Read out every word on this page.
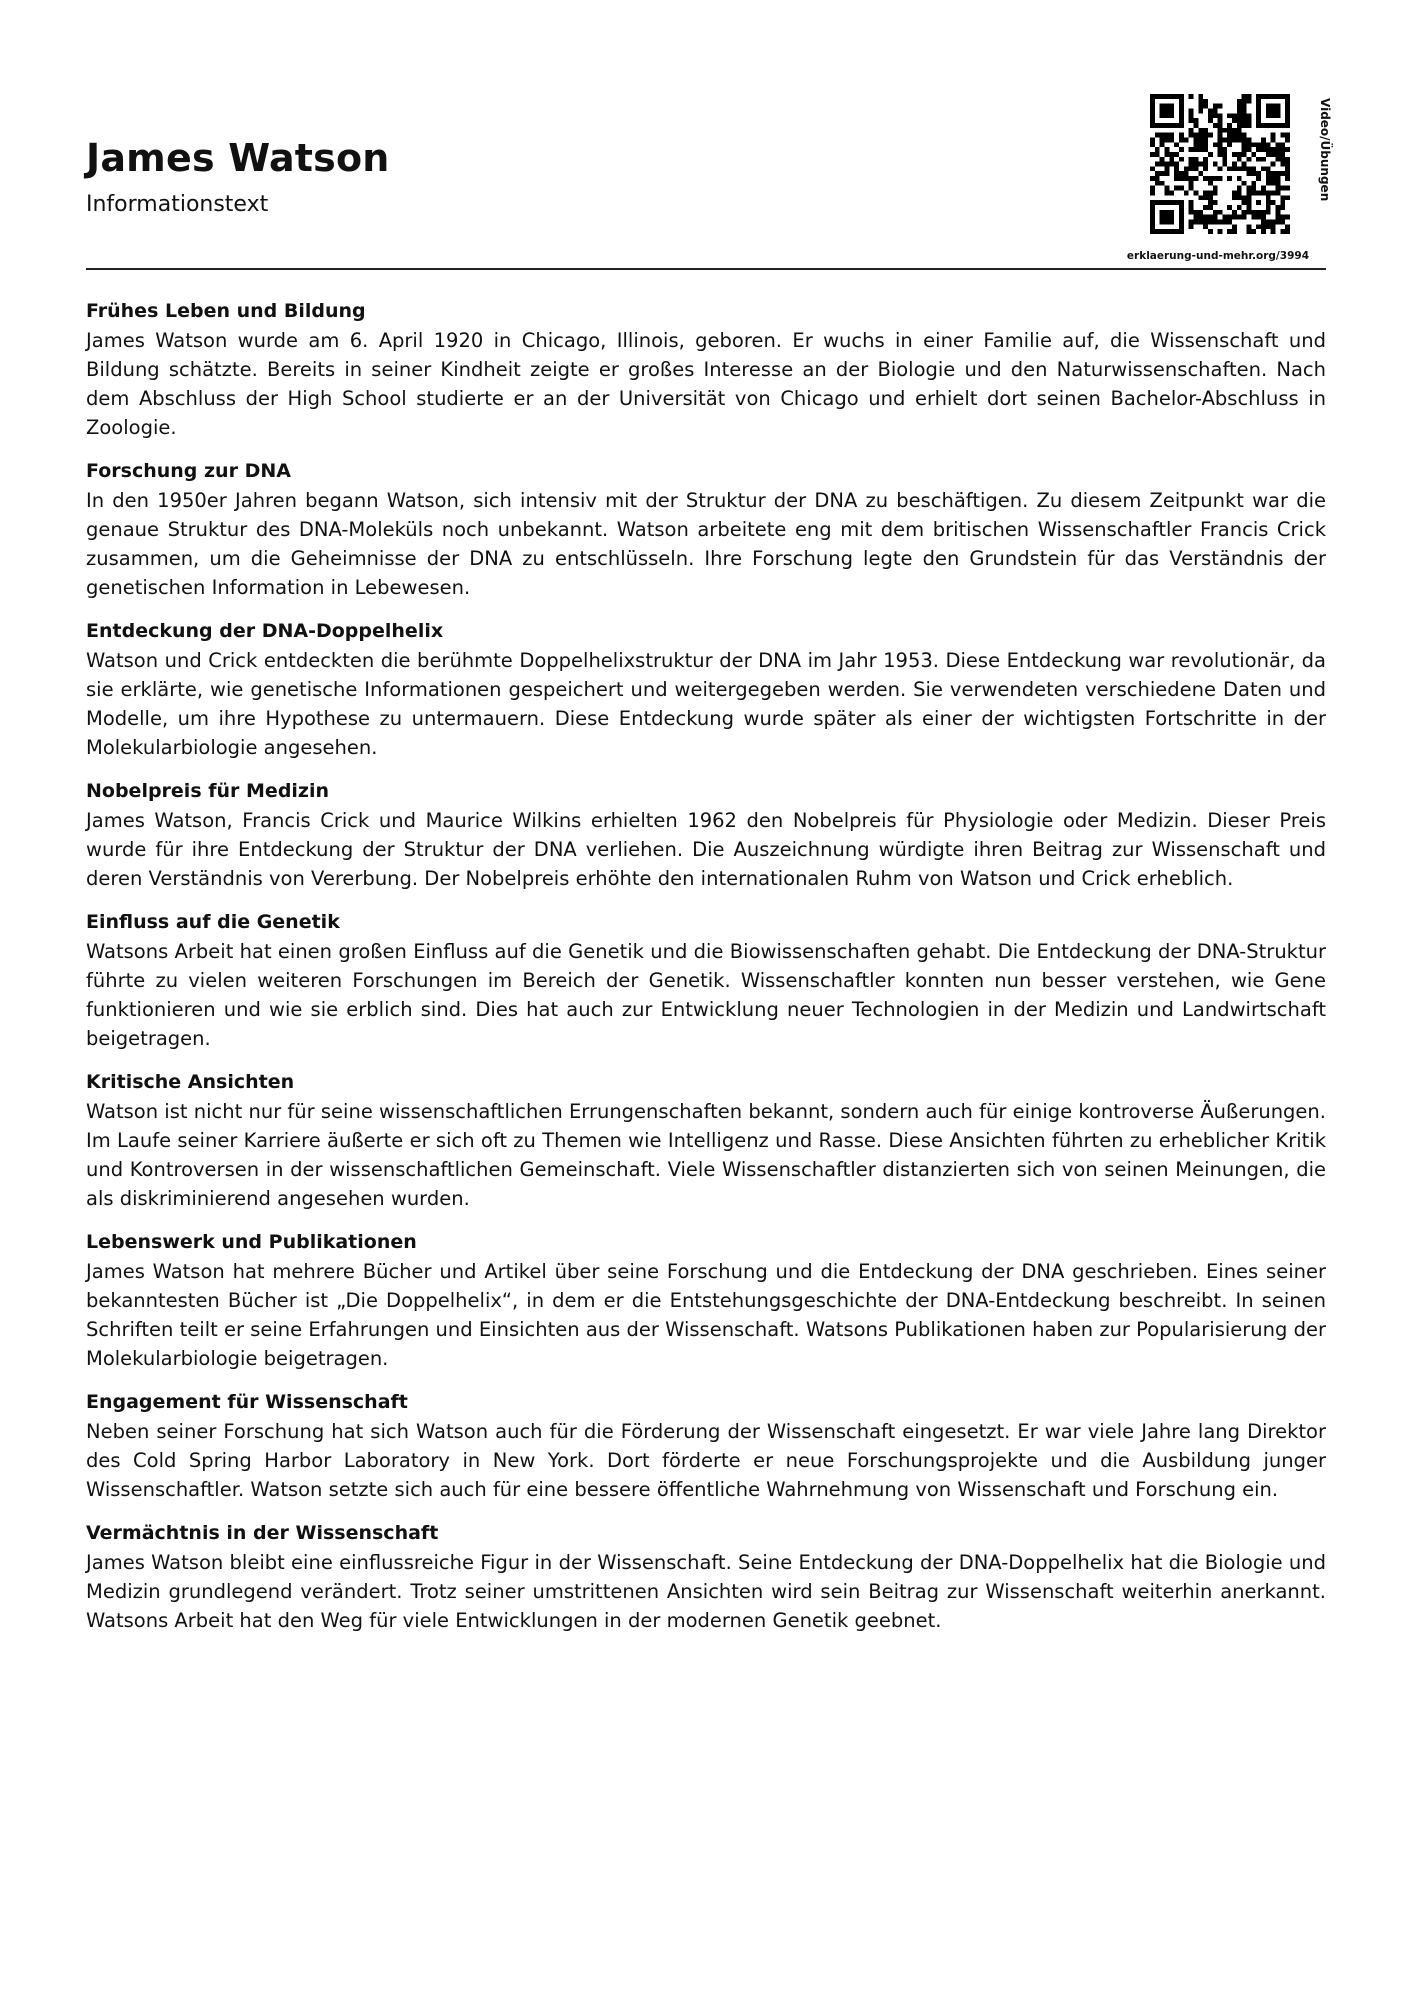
James Watson
Informationstext
Video/Übungen
erklaerung-und-mehr.org/3994
Frühes Leben und Bildung

James Watson wurde am 6. April 1920 in Chicago, Illinois, geboren. Er wuchs in einer Familie auf, die Wissenschaft und Bildung schätzte. Bereits in seiner Kindheit zeigte er großes Interesse an der Biologie und den Naturwissenschaften. Nach dem Abschluss der High School studierte er an der Universität von Chicago und erhielt dort seinen Bachelor-Abschluss in Zoologie.

Forschung zur DNA

In den 1950er Jahren begann Watson, sich intensiv mit der Struktur der DNA zu beschäftigen. Zu diesem Zeitpunkt war die genaue Struktur des DNA-Moleküls noch unbekannt. Watson arbeitete eng mit dem britischen Wissenschaftler Francis Crick zusammen, um die Geheimnisse der DNA zu entschlüsseln. Ihre Forschung legte den Grundstein für das Verständnis der genetischen Information in Lebewesen.

Entdeckung der DNA-Doppelhelix

Watson und Crick entdeckten die berühmte Doppelhelixstruktur der DNA im Jahr 1953. Diese Entdeckung war revolutionär, da sie erklärte, wie genetische Informationen gespeichert und weitergegeben werden. Sie verwendeten verschiedene Daten und Modelle, um ihre Hypothese zu untermauern. Diese Entdeckung wurde später als einer der wichtigsten Fortschritte in der Molekularbiologie angesehen.

Nobelpreis für Medizin

James Watson, Francis Crick und Maurice Wilkins erhielten 1962 den Nobelpreis für Physiologie oder Medizin. Dieser Preis wurde für ihre Entdeckung der Struktur der DNA verliehen. Die Auszeichnung würdigte ihren Beitrag zur Wissenschaft und deren Verständnis von Vererbung. Der Nobelpreis erhöhte den internationalen Ruhm von Watson und Crick erheblich.

Einfluss auf die Genetik

Watsons Arbeit hat einen großen Einfluss auf die Genetik und die Biowissenschaften gehabt. Die Entdeckung der DNA-Struktur führte zu vielen weiteren Forschungen im Bereich der Genetik. Wissenschaftler konnten nun besser verstehen, wie Gene funktionieren und wie sie erblich sind. Dies hat auch zur Entwicklung neuer Technologien in der Medizin und Landwirtschaft beigetragen.

Kritische Ansichten

Watson ist nicht nur für seine wissenschaftlichen Errungenschaften bekannt, sondern auch für einige kontroverse Äußerungen. Im Laufe seiner Karriere äußerte er sich oft zu Themen wie Intelligenz und Rasse. Diese Ansichten führten zu erheblicher Kritik und Kontroversen in der wissenschaftlichen Gemeinschaft. Viele Wissenschaftler distanzierten sich von seinen Meinungen, die als diskriminierend angesehen wurden.

Lebenswerk und Publikationen

James Watson hat mehrere Bücher und Artikel über seine Forschung und die Entdeckung der DNA geschrieben. Eines seiner bekanntesten Bücher ist „Die Doppelhelix“, in dem er die Entstehungsgeschichte der DNA-Entdeckung beschreibt. In seinen Schriften teilt er seine Erfahrungen und Einsichten aus der Wissenschaft. Watsons Publikationen haben zur Popularisierung der Molekularbiologie beigetragen.

Engagement für Wissenschaft

Neben seiner Forschung hat sich Watson auch für die Förderung der Wissenschaft eingesetzt. Er war viele Jahre lang Direktor des Cold Spring Harbor Laboratory in New York. Dort förderte er neue Forschungsprojekte und die Ausbildung junger Wissenschaftler. Watson setzte sich auch für eine bessere öffentliche Wahrnehmung von Wissenschaft und Forschung ein.

Vermächtnis in der Wissenschaft

James Watson bleibt eine einflussreiche Figur in der Wissenschaft. Seine Entdeckung der DNA-Doppelhelix hat die Biologie und Medizin grundlegend verändert. Trotz seiner umstrittenen Ansichten wird sein Beitrag zur Wissenschaft weiterhin anerkannt. Watsons Arbeit hat den Weg für viele Entwicklungen in der modernen Genetik geebnet.
